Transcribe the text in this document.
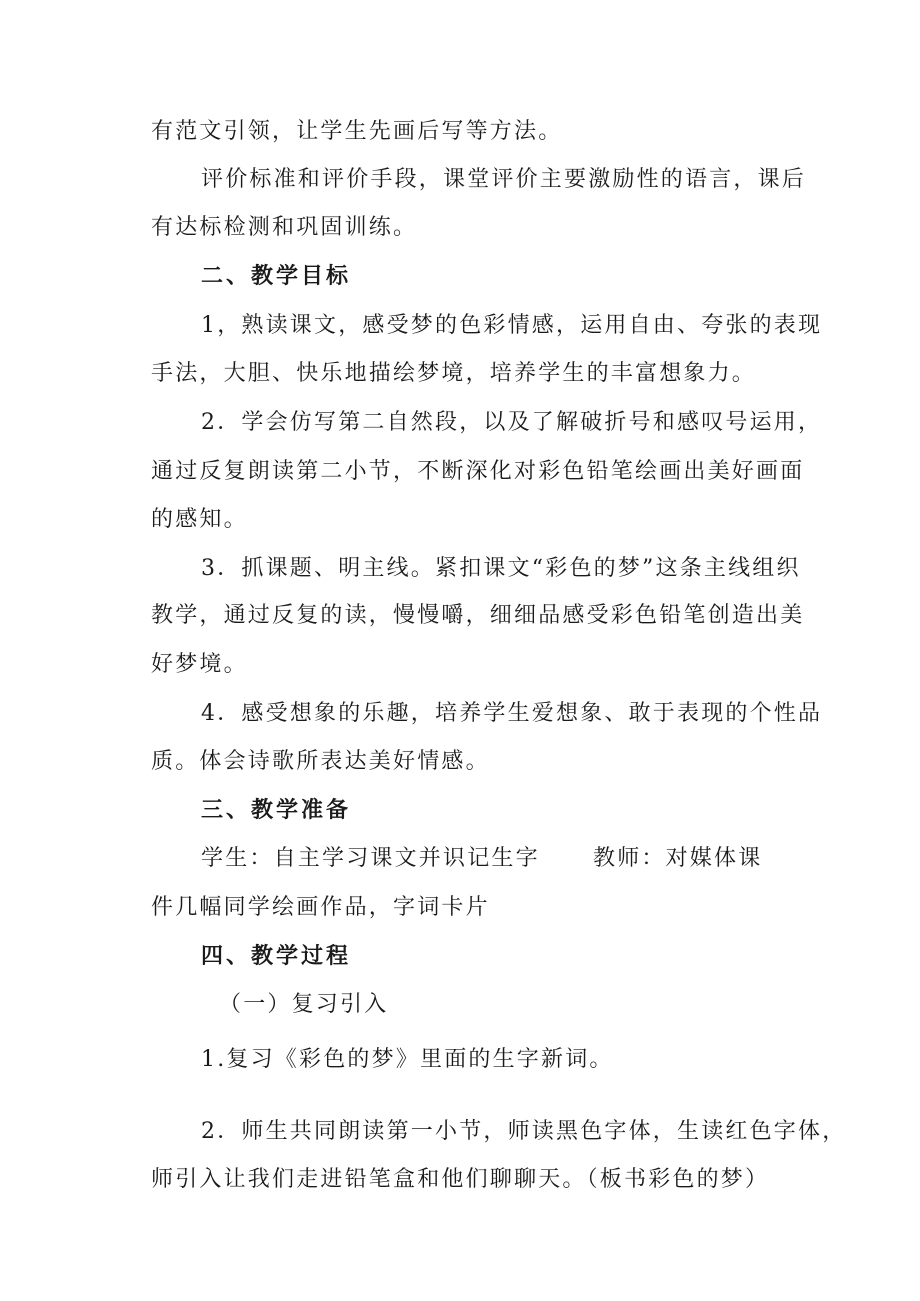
有范文引领，让学生先画后写等方法。
评价标准和评价手段，课堂评价主要激励性的语言，课后
有达标检测和巩固训练。
二、教学目标
1，熟读课文，感受梦的色彩情感，运用自由、夸张的表现
手法，大胆、快乐地描绘梦境，培养学生的丰富想象力。
2．学会仿写第二自然段，以及了解破折号和感叹号运用，
通过反复朗读第二小节，不断深化对彩色铅笔绘画出美好画面
的感知。
3．抓课题、明主线。紧扣课文“彩色的梦”这条主线组织
教学，通过反复的读，慢慢嚼，细细品感受彩色铅笔创造出美
好梦境。
4．感受想象的乐趣，培养学生爱想象、敢于表现的个性品
质。体会诗歌所表达美好情感。
三、教学准备
学生：自主学习课文并识记生字 教师：对媒体课
件几幅同学绘画作品，字词卡片
四、教学过程
（一）复习引入
1.复习《彩色的梦》里面的生字新词。
2．师生共同朗读第一小节，师读黑色字体，生读红色字体，
师引入让我们走进铅笔盒和他们聊聊天。（板书彩色的梦）
